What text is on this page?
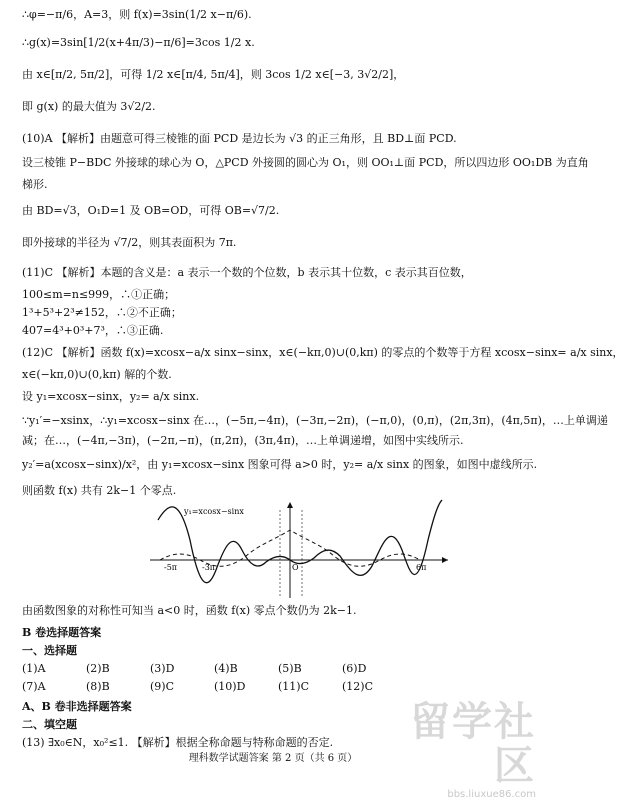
∴φ=−π/6，A=3，则 f(x)=3sin(1/2 x−π/6).
∴g(x)=3sin[1/2(x+4π/3)−π/6]=3cos 1/2 x.
由 x∈[π/2, 5π/2]，可得 1/2 x∈[π/4, 5π/4]，则 3cos 1/2 x∈[−3, 3√2/2]，
即 g(x) 的最大值为 3√2/2.
(10)A 【解析】由题意可得三棱锥的面 PCD 是边长为 √3 的正三角形，且 BD⊥面 PCD.
设三棱锥 P−BDC 外接球的球心为 O，△PCD 外接圆的圆心为 O₁，则 OO₁⊥面 PCD，所以四边形 OO₁DB 为直角
梯形.
由 BD=√3，O₁D=1 及 OB=OD，可得 OB=√7/2.
即外接球的半径为 √7/2，则其表面积为 7π.
(11)C 【解析】本题的含义是：a 表示一个数的个位数，b 表示其十位数，c 表示其百位数，
100≤m=n≤999，∴①正确；
1³+5³+2³≠152，∴②不正确；
407=4³+0³+7³，∴③正确.
(12)C 【解析】函数 f(x)=xcosx−a/x sinx−sinx，x∈(−kπ,0)∪(0,kπ) 的零点的个数等于方程 xcosx−sinx= a/x sinx，
x∈(−kπ,0)∪(0,kπ) 解的个数.
设 y₁=xcosx−sinx，y₂= a/x sinx.
∵y₁′=−xsinx，∴y₁=xcosx−sinx 在…，(−5π,−4π)，(−3π,−2π)，(−π,0)，(0,π)，(2π,3π)，(4π,5π)，…上单调递
减；在…，(−4π,−3π)，(−2π,−π)，(π,2π)，(3π,4π)，…上单调递增，如图中实线所示.
y₂′=a(xcosx−sinx)/x²，由 y₁=xcosx−sinx 图象可得 a>0 时，y₂= a/x sinx 的图象，如图中虚线所示.
则函数 f(x) 共有 2k−1 个零点.
y₁=xcosx−sinx
-5π	-3π	O	6π
由函数图象的对称性可知当 a<0 时，函数 f(x) 零点个数仍为 2k−1.
B 卷选择题答案
一、选择题
(1)A	(2)B	(3)D	(4)B	(5)B	(6)D
(7)A	(8)B	(9)C	(10)D	(11)C	(12)C
A、B 卷非选择题答案
二、填空题
(13) ∃x₀∈N，x₀²≤1. 【解析】根据全称命题与特称命题的否定.
理科数学试题答案 第 2 页（共 6 页）
留学社区
bbs.liuxue86.com
